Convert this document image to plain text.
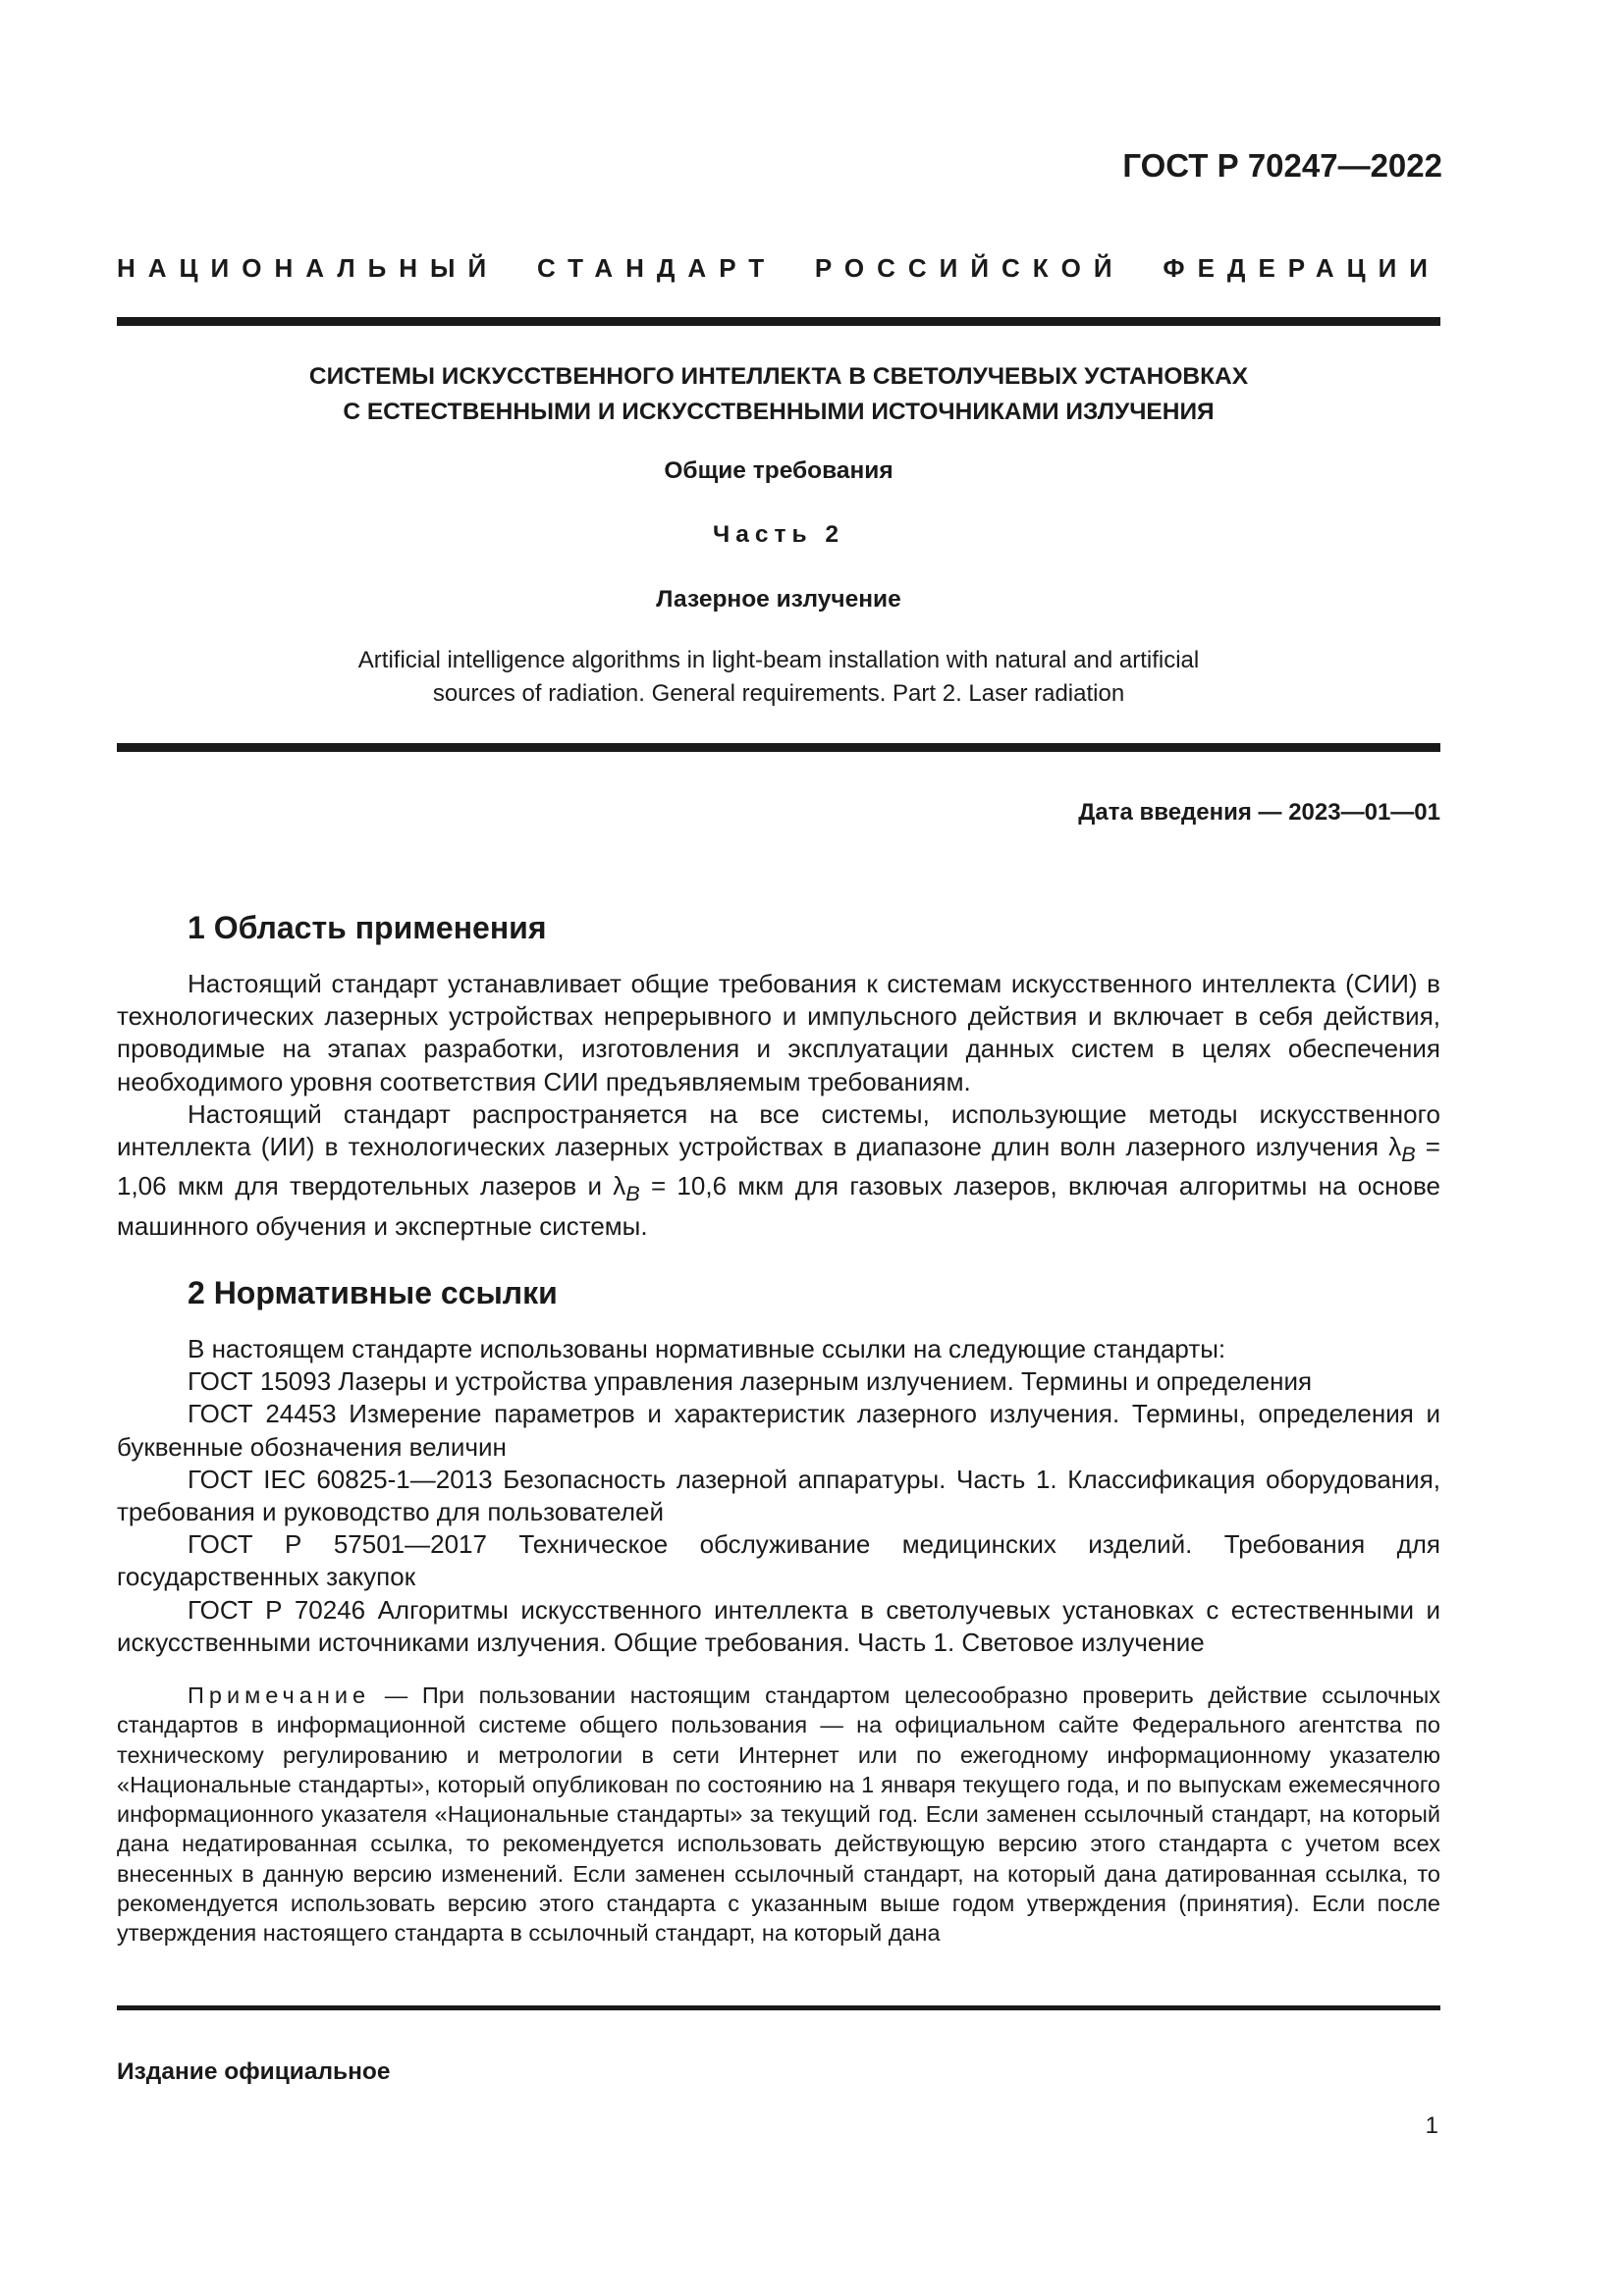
ГОСТ Р 70247—2022
НАЦИОНАЛЬНЫЙ СТАНДАРТ РОССИЙСКОЙ ФЕДЕРАЦИИ
СИСТЕМЫ ИСКУССТВЕННОГО ИНТЕЛЛЕКТА В СВЕТОЛУЧЕВЫХ УСТАНОВКАХ
С ЕСТЕСТВЕННЫМИ И ИСКУССТВЕННЫМИ ИСТОЧНИКАМИ ИЗЛУЧЕНИЯ
Общие требования
Часть 2
Лазерное излучение
Artificial intelligence algorithms in light-beam installation with natural and artificial
sources of radiation. General requirements. Part 2. Laser radiation
Дата введения — 2023—01—01
1 Область применения

Настоящий стандарт устанавливает общие требования к системам искусственного интеллекта (СИИ) в технологических лазерных устройствах непрерывного и импульсного действия и включает в себя действия, проводимые на этапах разработки, изготовления и эксплуатации данных систем в целях обеспечения необходимого уровня соответствия СИИ предъявляемым требованиям.

Настоящий стандарт распространяется на все системы, использующие методы искусственного интеллекта (ИИ) в технологических лазерных устройствах в диапазоне длин волн лазерного излучения $\lambda_B = 1,06$ мкм для твердотельных лазеров и $\lambda_B = 10,6$ мкм для газовых лазеров, включая алгоритмы на основе машинного обучения и экспертные системы.

2 Нормативные ссылки

В настоящем стандарте использованы нормативные ссылки на следующие стандарты:

ГОСТ 15093 Лазеры и устройства управления лазерным излучением. Термины и определения

ГОСТ 24453 Измерение параметров и характеристик лазерного излучения. Термины, определения и буквенные обозначения величин

ГОСТ IEC 60825-1—2013 Безопасность лазерной аппаратуры. Часть 1. Классификация оборудования, требования и руководство для пользователей

ГОСТ Р 57501—2017 Техническое обслуживание медицинских изделий. Требования для государственных закупок

ГОСТ Р 70246 Алгоритмы искусственного интеллекта в светолучевых установках с естественными и искусственными источниками излучения. Общие требования. Часть 1. Световое излучение

Примечание — При пользовании настоящим стандартом целесообразно проверить действие ссылочных стандартов в информационной системе общего пользования — на официальном сайте Федерального агентства по техническому регулированию и метрологии в сети Интернет или по ежегодному информационному указателю «Национальные стандарты», который опубликован по состоянию на 1 января текущего года, и по выпускам ежемесячного информационного указателя «Национальные стандарты» за текущий год. Если заменен ссылочный стандарт, на который дана недатированная ссылка, то рекомендуется использовать действующую версию этого стандарта с учетом всех внесенных в данную версию изменений. Если заменен ссылочный стандарт, на который дана датированная ссылка, то рекомендуется использовать версию этого стандарта с указанным выше годом утверждения (принятия). Если после утверждения настоящего стандарта в ссылочный стандарт, на который дана

Издание официальное
1
